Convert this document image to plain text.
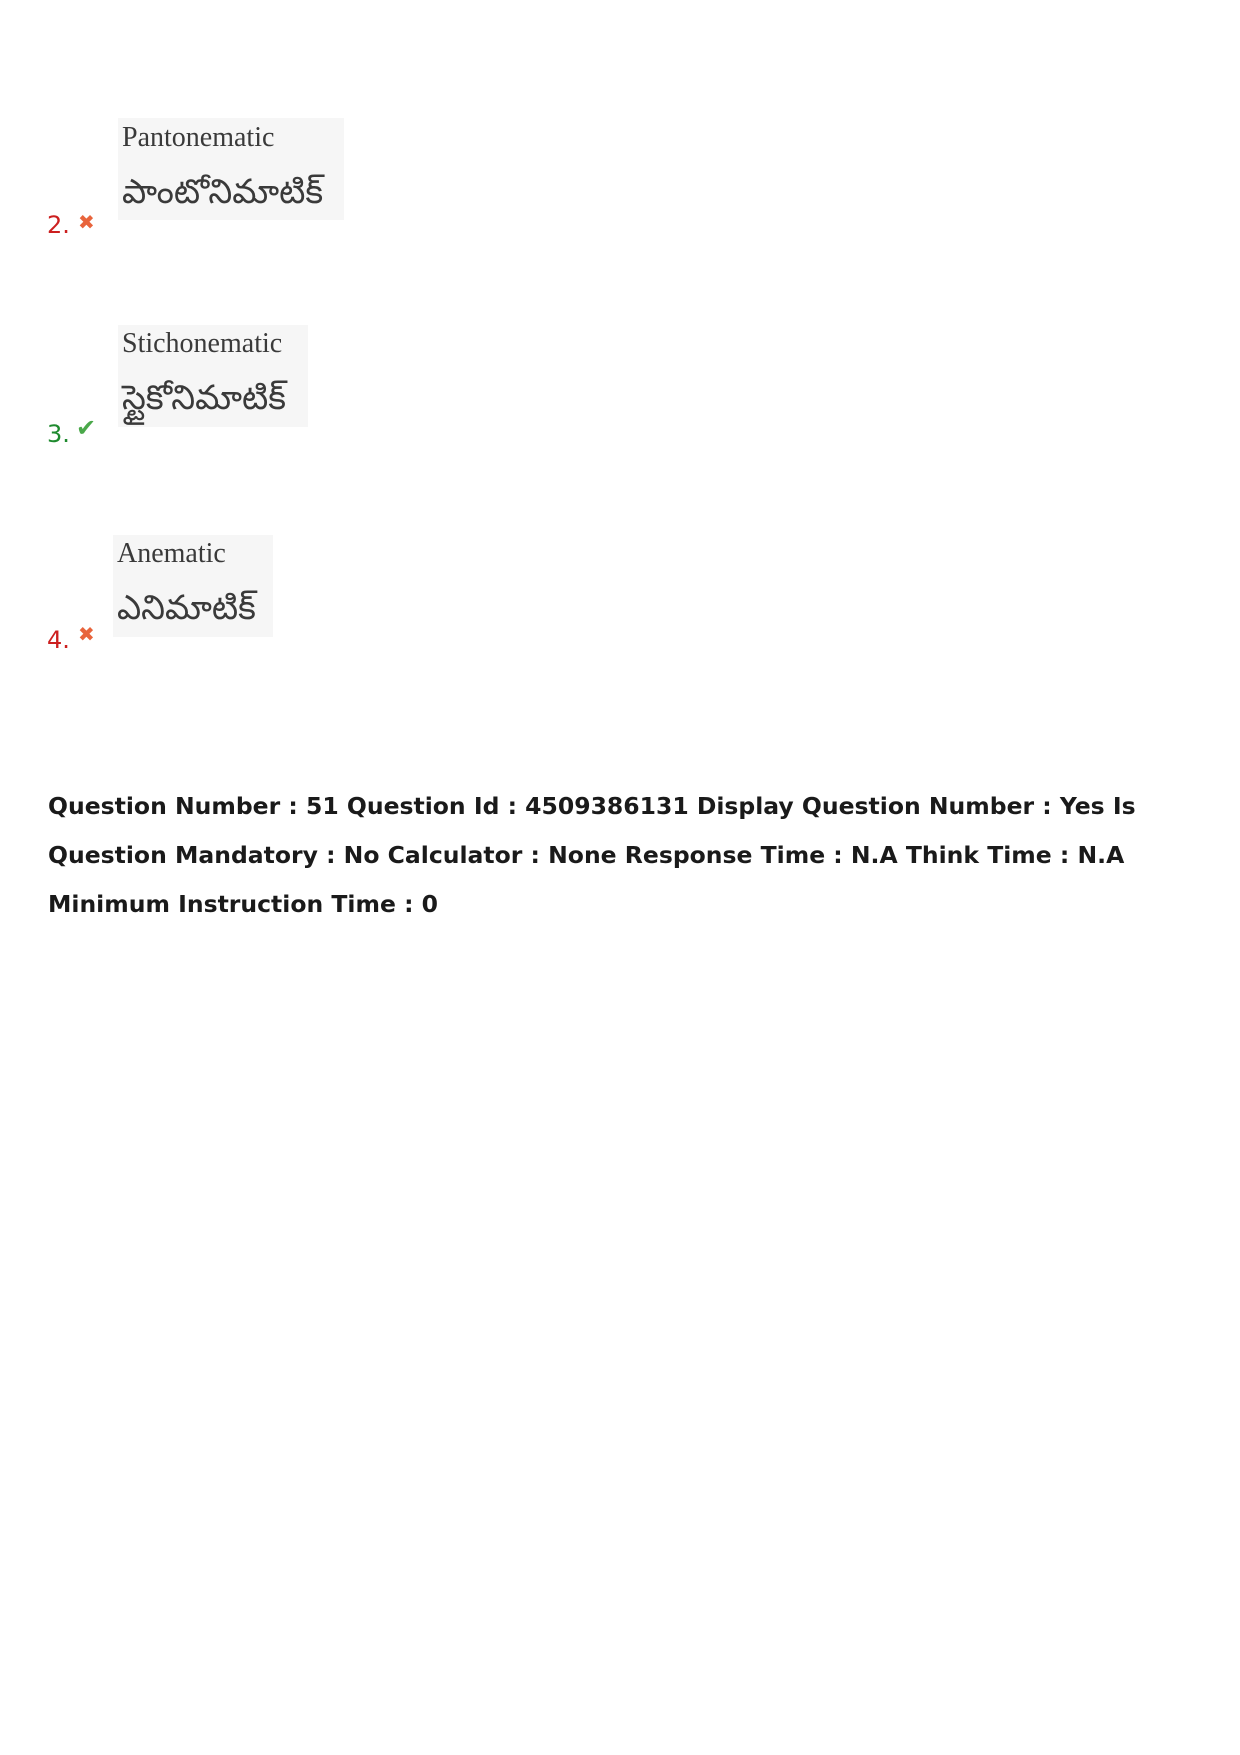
Pantonematic
పాంటోనిమాటిక్
2. ✖
Stichonematic
స్టైకోనిమాటిక్
3. ✔
Anematic
ఎనిమాటిక్
4. ✖
Question Number : 51 Question Id : 4509386131 Display Question Number : Yes Is Question Mandatory : No Calculator : None Response Time : N.A Think Time : N.A Minimum Instruction Time : 0
